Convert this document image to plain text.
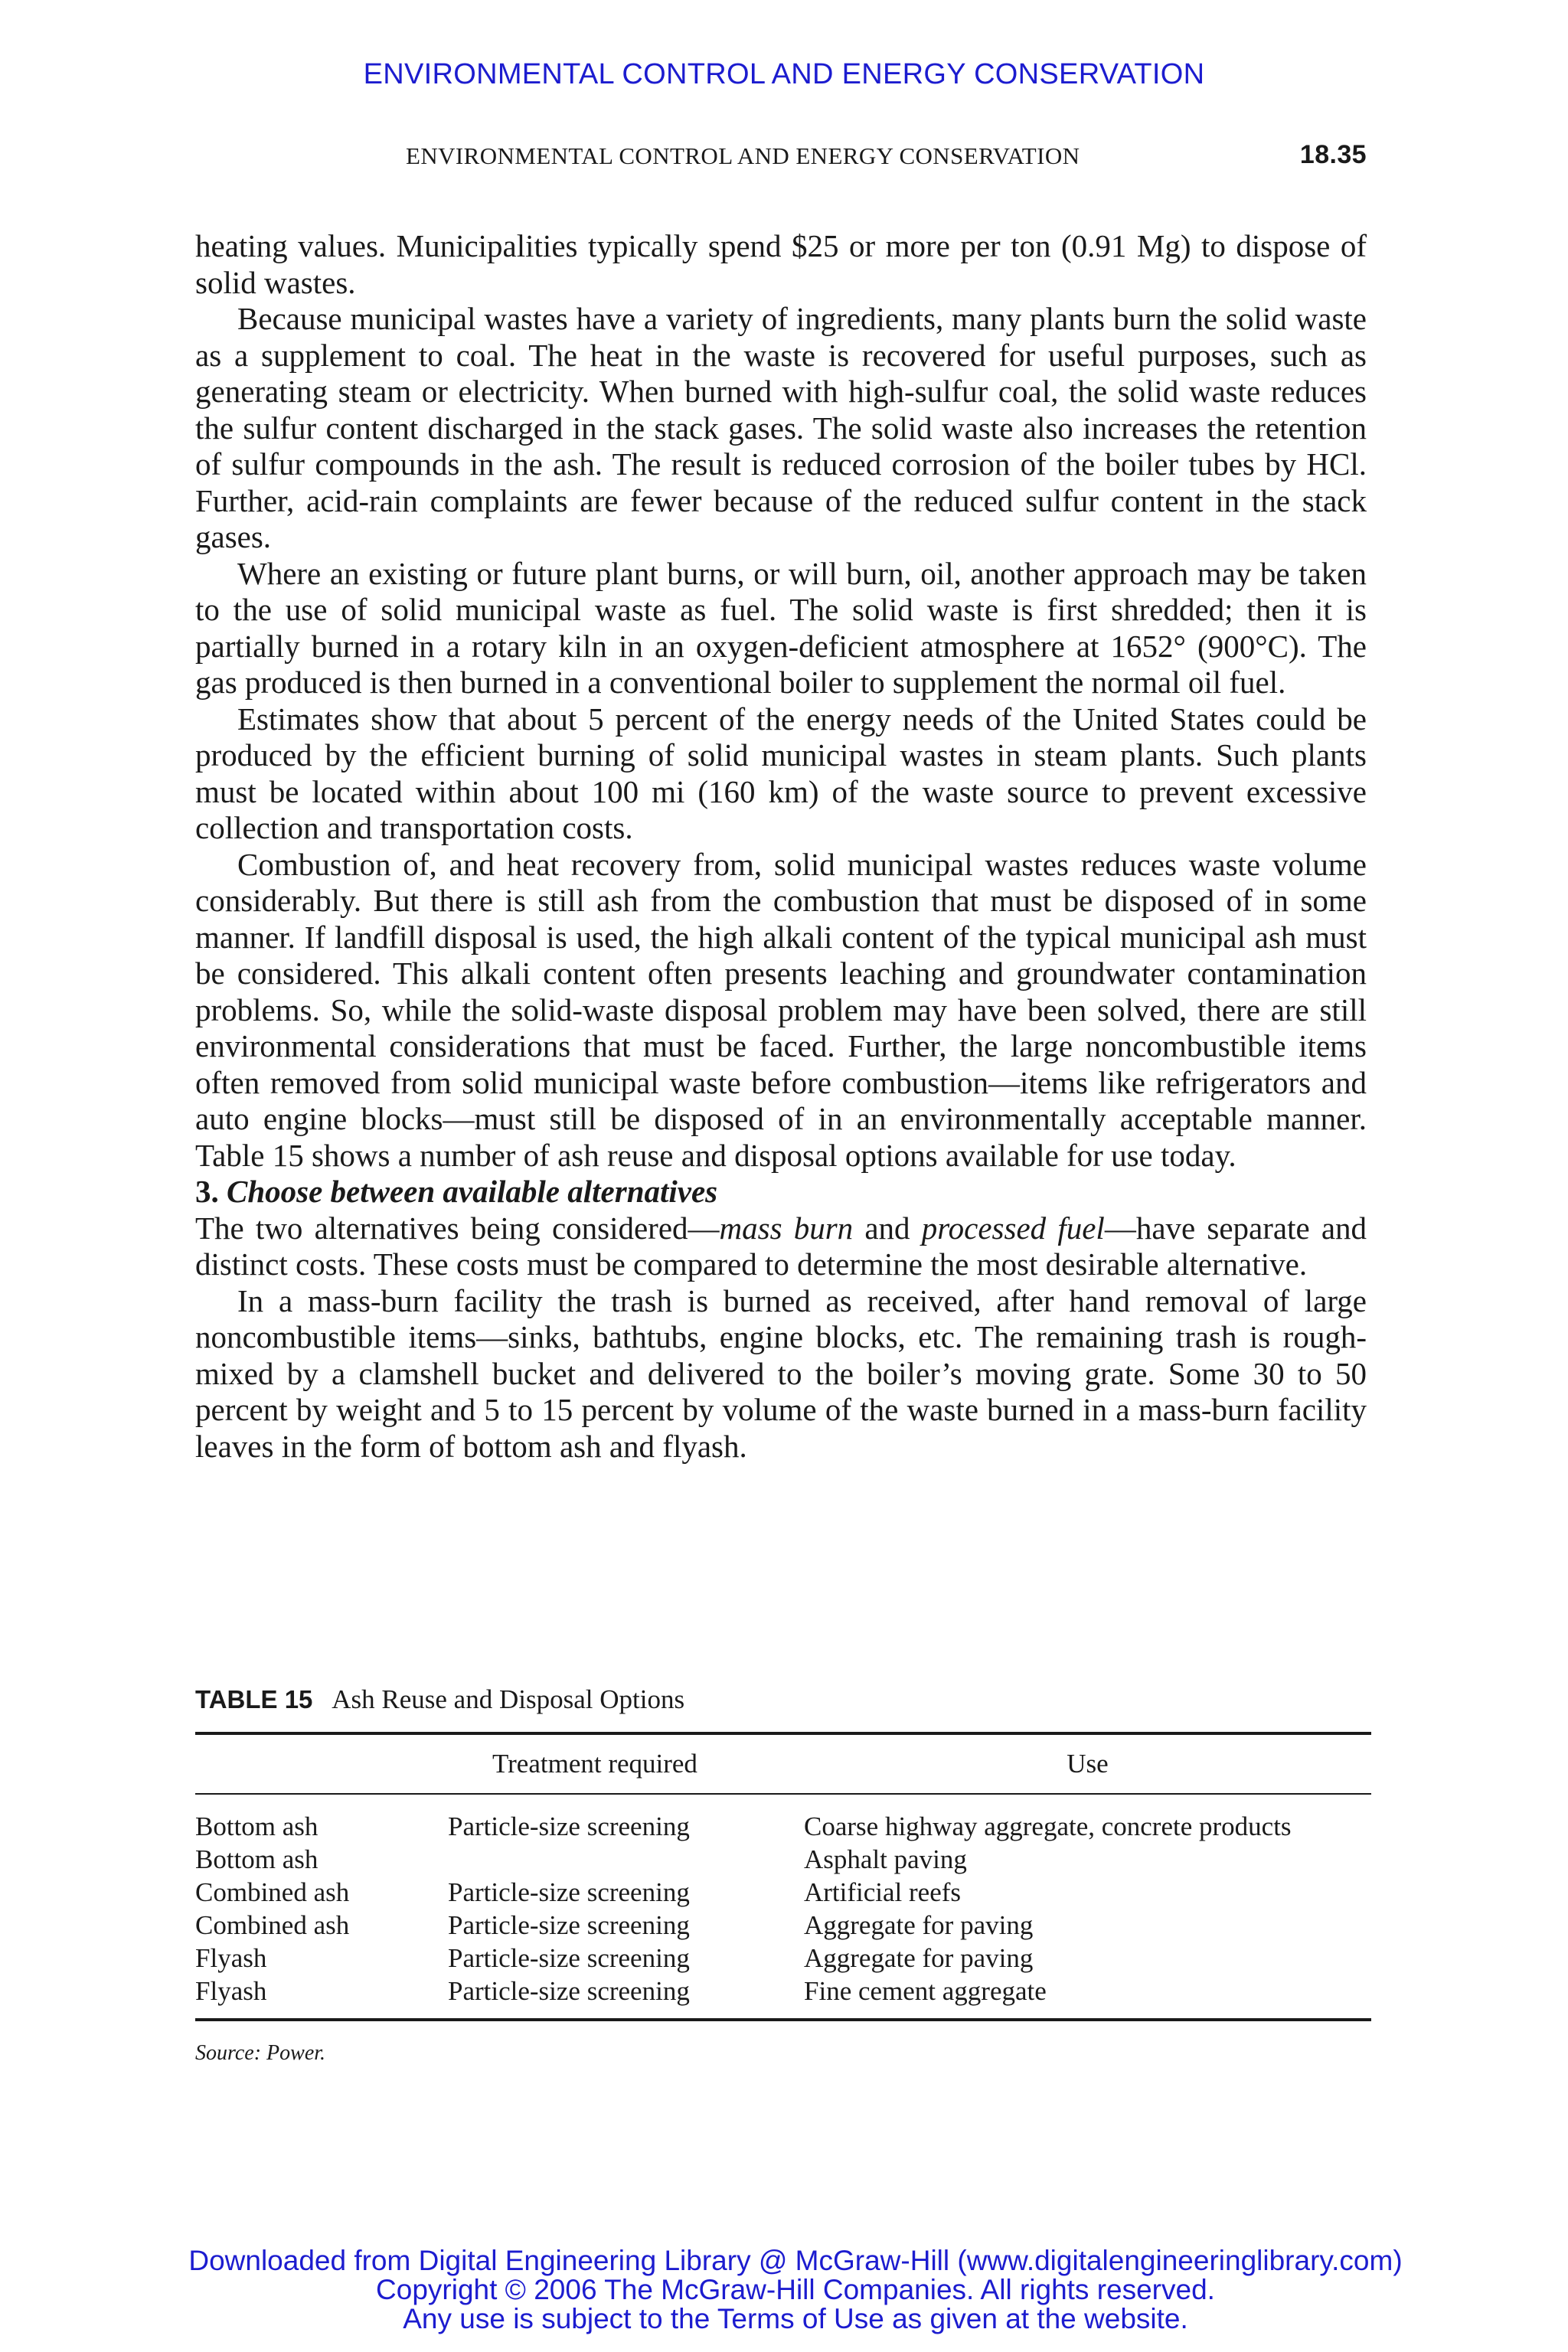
ENVIRONMENTAL CONTROL AND ENERGY CONSERVATION
ENVIRONMENTAL CONTROL AND ENERGY CONSERVATION	18.35

heating values. Municipalities typically spend $25 or more per ton (0.91 Mg) to dispose of solid wastes.

Because municipal wastes have a variety of ingredients, many plants burn the solid waste as a supplement to coal. The heat in the waste is recovered for useful purposes, such as generating steam or electricity. When burned with high-sulfur coal, the solid waste reduces the sulfur content discharged in the stack gases. The solid waste also increases the retention of sulfur compounds in the ash. The result is reduced corrosion of the boiler tubes by HCl. Further, acid-rain complaints are fewer because of the reduced sulfur content in the stack gases.

Where an existing or future plant burns, or will burn, oil, another approach may be taken to the use of solid municipal waste as fuel. The solid waste is first shredded; then it is partially burned in a rotary kiln in an oxygen-deficient atmosphere at 1652° (900°C). The gas produced is then burned in a conventional boiler to supplement the normal oil fuel.

Estimates show that about 5 percent of the energy needs of the United States could be produced by the efficient burning of solid municipal wastes in steam plants. Such plants must be located within about 100 mi (160 km) of the waste source to prevent excessive collection and transportation costs.

Combustion of, and heat recovery from, solid municipal wastes reduces waste volume considerably. But there is still ash from the combustion that must be disposed of in some manner. If landfill disposal is used, the high alkali content of the typical municipal ash must be considered. This alkali content often presents leaching and groundwater contamination problems. So, while the solid-waste disposal problem may have been solved, there are still environmental considerations that must be faced. Further, the large noncombustible items often removed from solid municipal waste before combustion—items like refrigerators and auto engine blocks—must still be disposed of in an environmentally acceptable manner. Table 15 shows a number of ash reuse and disposal options available for use today.

3. Choose between available alternatives

The two alternatives being considered—mass burn and processed fuel—have separate and distinct costs. These costs must be compared to determine the most desirable alternative.

In a mass-burn facility the trash is burned as received, after hand removal of large noncombustible items—sinks, bathtubs, engine blocks, etc. The remaining trash is rough-mixed by a clamshell bucket and delivered to the boiler’s moving grate. Some 30 to 50 percent by weight and 5 to 15 percent by volume of the waste burned in a mass-burn facility leaves in the form of bottom ash and flyash.

TABLE 15 Ash Reuse and Disposal Options
	Treatment required	Use
Bottom ash	Particle-size screening	Coarse highway aggregate, concrete products
Bottom ash		Asphalt paving
Combined ash	Particle-size screening	Artificial reefs
Combined ash	Particle-size screening	Aggregate for paving
Flyash	Particle-size screening	Aggregate for paving
Flyash	Particle-size screening	Fine cement aggregate
Source: Power.
Downloaded from Digital Engineering Library @ McGraw-Hill (www.digitalengineeringlibrary.com)
Copyright © 2006 The McGraw-Hill Companies. All rights reserved.
Any use is subject to the Terms of Use as given at the website.
